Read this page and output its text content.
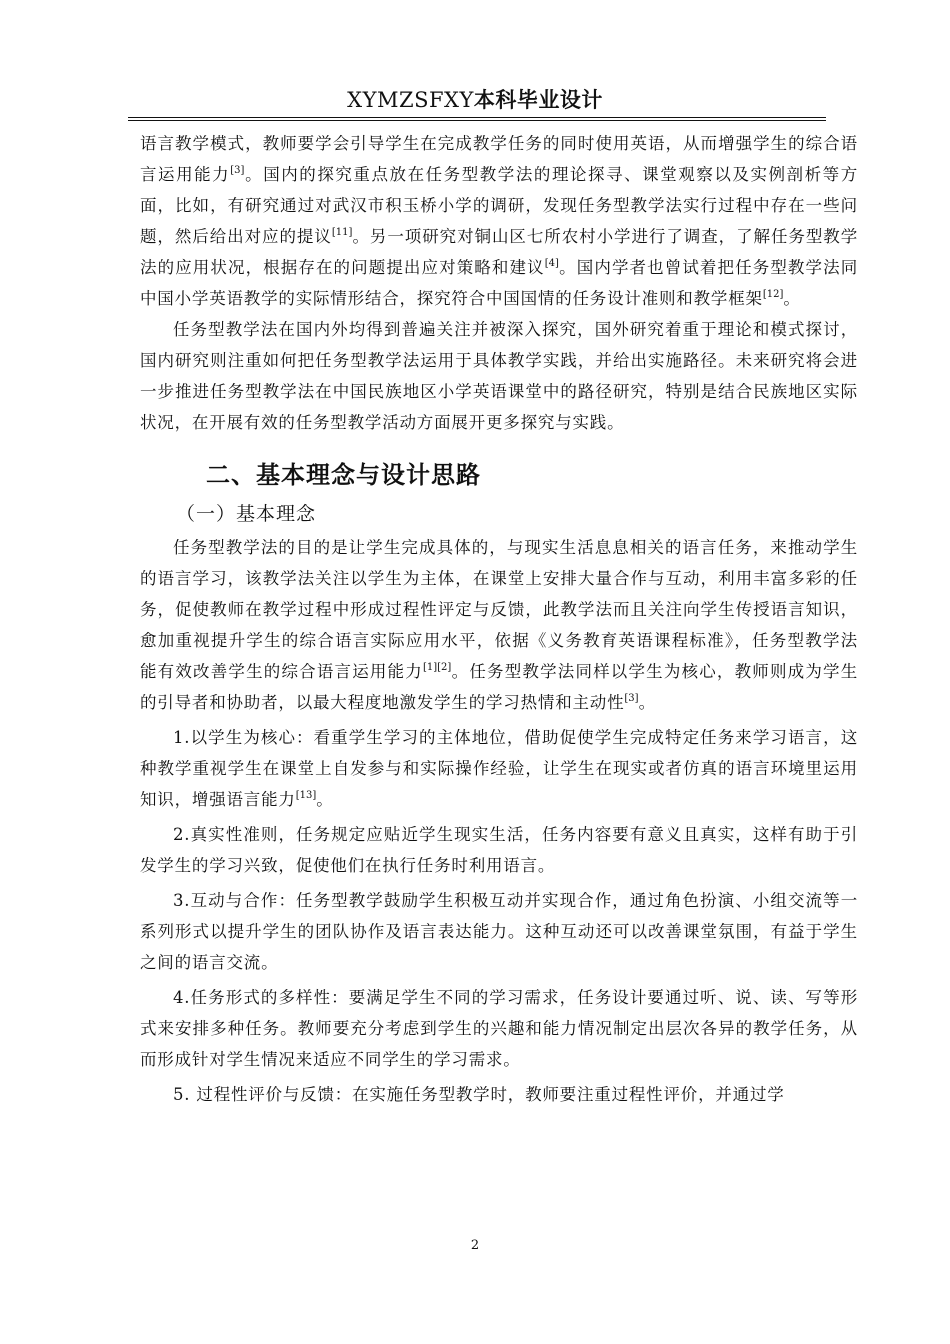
XYMZSFXY本科毕业设计

语言教学模式，教师要学会引导学生在完成教学任务的同时使用英语，从而增强学生的综合语言运用能力[3]。国内的探究重点放在任务型教学法的理论探寻、课堂观察以及实例剖析等方面，比如，有研究通过对武汉市积玉桥小学的调研，发现任务型教学法实行过程中存在一些问题，然后给出对应的提议[11]。另一项研究对铜山区七所农村小学进行了调查，了解任务型教学法的应用状况，根据存在的问题提出应对策略和建议[4]。国内学者也曾试着把任务型教学法同中国小学英语教学的实际情形结合，探究符合中国国情的任务设计准则和教学框架[12]。

任务型教学法在国内外均得到普遍关注并被深入探究，国外研究着重于理论和模式探讨，国内研究则注重如何把任务型教学法运用于具体教学实践，并给出实施路径。未来研究将会进一步推进任务型教学法在中国民族地区小学英语课堂中的路径研究，特别是结合民族地区实际状况，在开展有效的任务型教学活动方面展开更多探究与实践。

二、基本理念与设计思路
（一）基本理念

任务型教学法的目的是让学生完成具体的，与现实生活息息相关的语言任务，来推动学生的语言学习，该教学法关注以学生为主体，在课堂上安排大量合作与互动，利用丰富多彩的任务，促使教师在教学过程中形成过程性评定与反馈，此教学法而且关注向学生传授语言知识，愈加重视提升学生的综合语言实际应用水平，依据《义务教育英语课程标准》，任务型教学法能有效改善学生的综合语言运用能力[1][2]。任务型教学法同样以学生为核心，教师则成为学生的引导者和协助者，以最大程度地激发学生的学习热情和主动性[3]。

1.以学生为核心：看重学生学习的主体地位，借助促使学生完成特定任务来学习语言，这种教学重视学生在课堂上自发参与和实际操作经验，让学生在现实或者仿真的语言环境里运用知识，增强语言能力[13]。

2.真实性准则，任务规定应贴近学生现实生活，任务内容要有意义且真实，这样有助于引发学生的学习兴致，促使他们在执行任务时利用语言。

3.互动与合作：任务型教学鼓励学生积极互动并实现合作，通过角色扮演、小组交流等一系列形式以提升学生的团队协作及语言表达能力。这种互动还可以改善课堂氛围，有益于学生之间的语言交流。

4.任务形式的多样性：要满足学生不同的学习需求，任务设计要通过听、说、读、写等形式来安排多种任务。教师要充分考虑到学生的兴趣和能力情况制定出层次各异的教学任务，从而形成针对学生情况来适应不同学生的学习需求。

5. 过程性评价与反馈：在实施任务型教学时，教师要注重过程性评价，并通过学

2
